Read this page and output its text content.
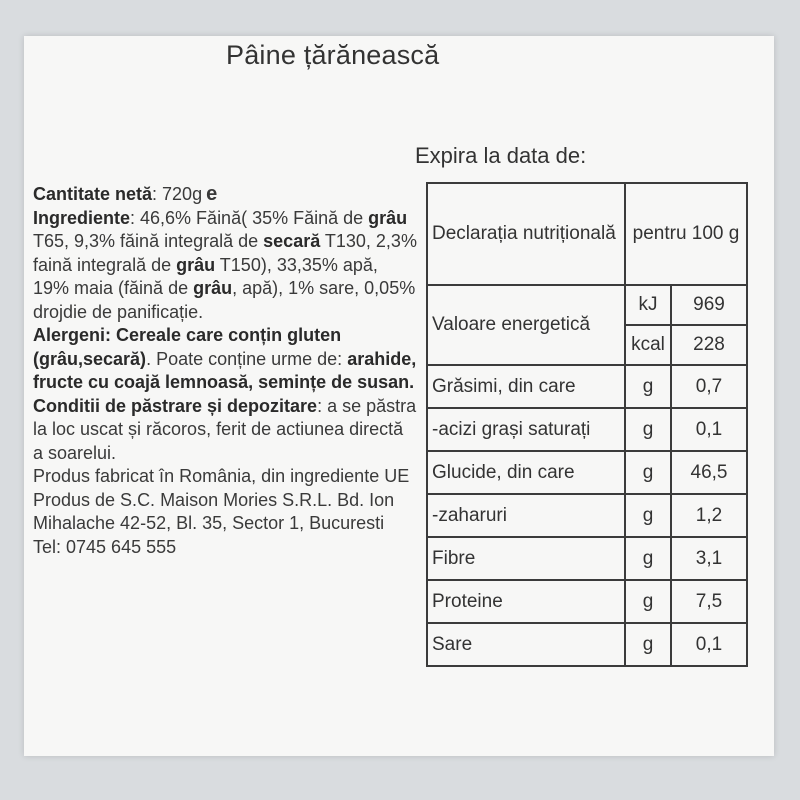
Pâine țărănească
Expira la data de:

Cantitate netă: 720g e

Ingrediente: 46,6% Făină( 35% Făină de grâu T65, 9,3% făină integrală de secară T130, 2,3% faină integrală de grâu T150), 33,35% apă, 19% maia (făină de grâu, apă), 1% sare, 0,05% drojdie de panificație.

Alergeni: Cereale care conțin gluten (grâu,secară). Poate conține urme de: arahide, fructe cu coajă lemnoasă, semințe de susan.

Conditii de păstrare și depozitare: a se păstra la loc uscat și răcoros, ferit de actiunea directă a soarelui.

Produs fabricat în România, din ingrediente UE

Produs de S.C. Maison Mories S.R.L. Bd. Ion Mihalache 42-52, Bl. 35, Sector 1, Bucuresti

Tel: 0745 645 555

Declarația nutrițională	pentru 100 g	
Valoare energetică	kJ	969
	kcal	228
Grăsimi, din care	g	0,7
-acizi grași saturați	g	0,1
Glucide, din care	g	46,5
-zaharuri	g	1,2
Fibre	g	3,1
Proteine	g	7,5
Sare	g	0,1
